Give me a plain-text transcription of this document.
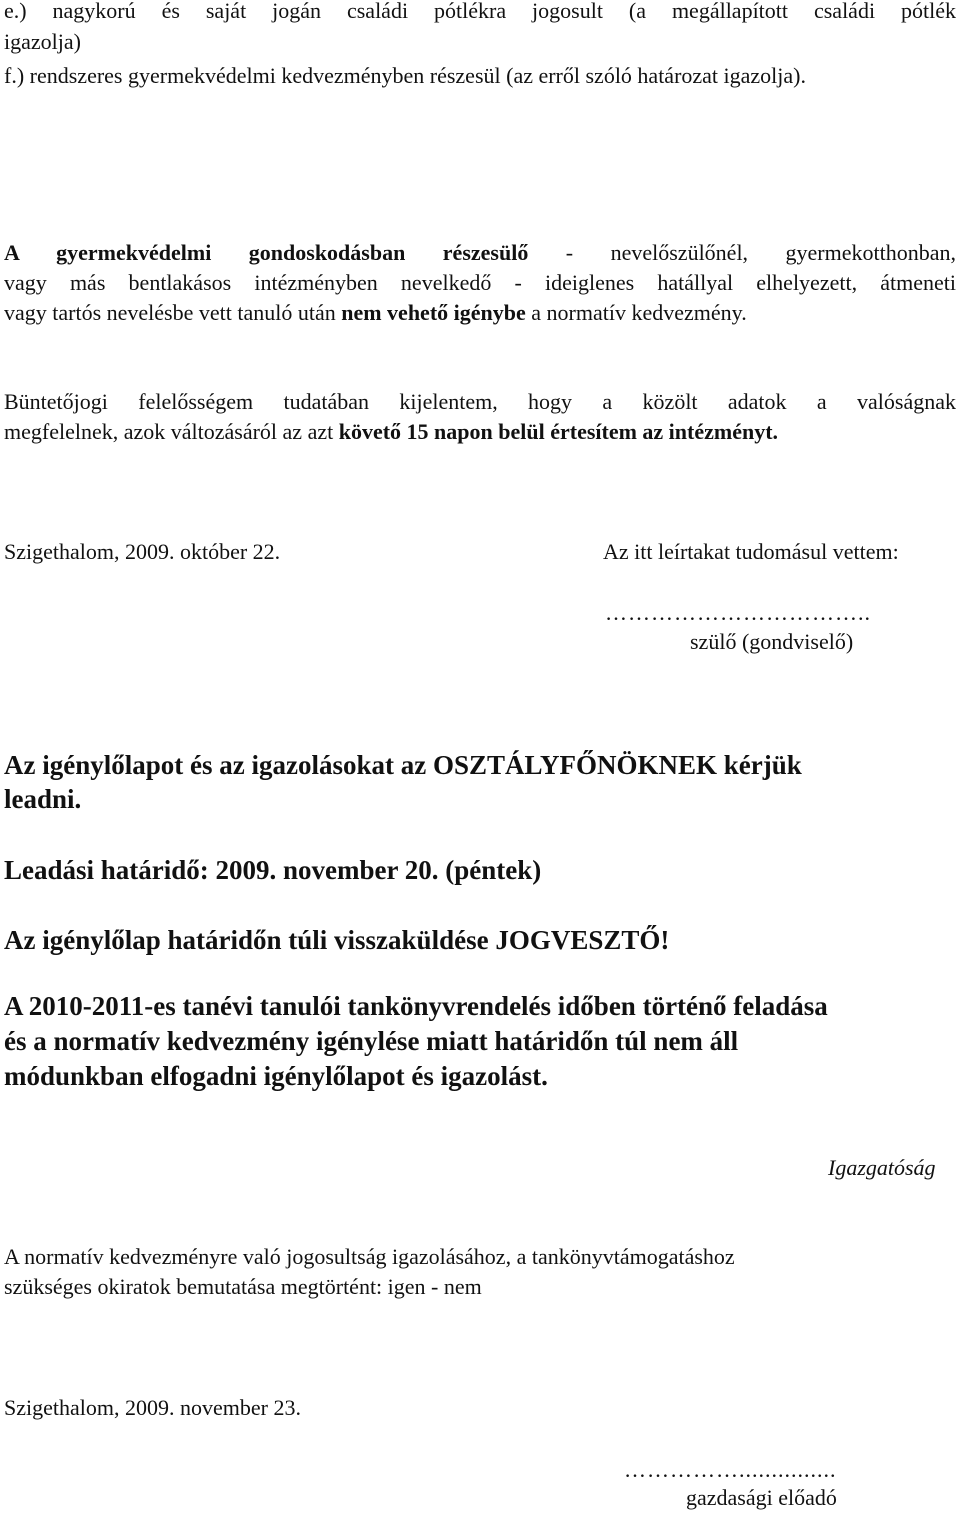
e.) nagykorú és saját jogán családi pótlékra jogosult (a megállapított családi pótlék
igazolja)
f.) rendszeres gyermekvédelmi kedvezményben részesül (az erről szóló határozat igazolja).
A gyermekvédelmi gondoskodásban részesülő - nevelőszülőnél, gyermekotthonban,
vagy más bentlakásos intézményben nevelkedő - ideiglenes hatállyal elhelyezett, átmeneti
vagy tartós nevelésbe vett tanuló után nem vehető igénybe a normatív kedvezmény.
Büntetőjogi felelősségem tudatában kijelentem, hogy a közölt adatok a valóságnak
megfelelnek, azok változásáról az azt követő 15 napon belül értesítem az intézményt.
Szigethalom, 2009. október 22.	Az itt leírtakat tudomásul vettem:
……………………………..
szülő (gondviselő)
Az igénylőlapot és az igazolásokat az OSZTÁLYFŐNÖKNEK kérjük
leadni.
Leadási határidő: 2009. november 20. (péntek)
Az igénylőlap határidőn túli visszaküldése JOGVESZTŐ!
A 2010-2011-es tanévi tanulói tankönyvrendelés időben történő feladása
és a normatív kedvezmény igénylése miatt határidőn túl nem áll
módunkban elfogadni igénylőlapot és igazolást.
Igazgatóság
A normatív kedvezményre való jogosultság igazolásához, a tankönyvtámogatáshoz
szükséges okiratok bemutatása megtörtént: igen - nem
Szigethalom, 2009. november 23.
……………...............
gazdasági előadó
